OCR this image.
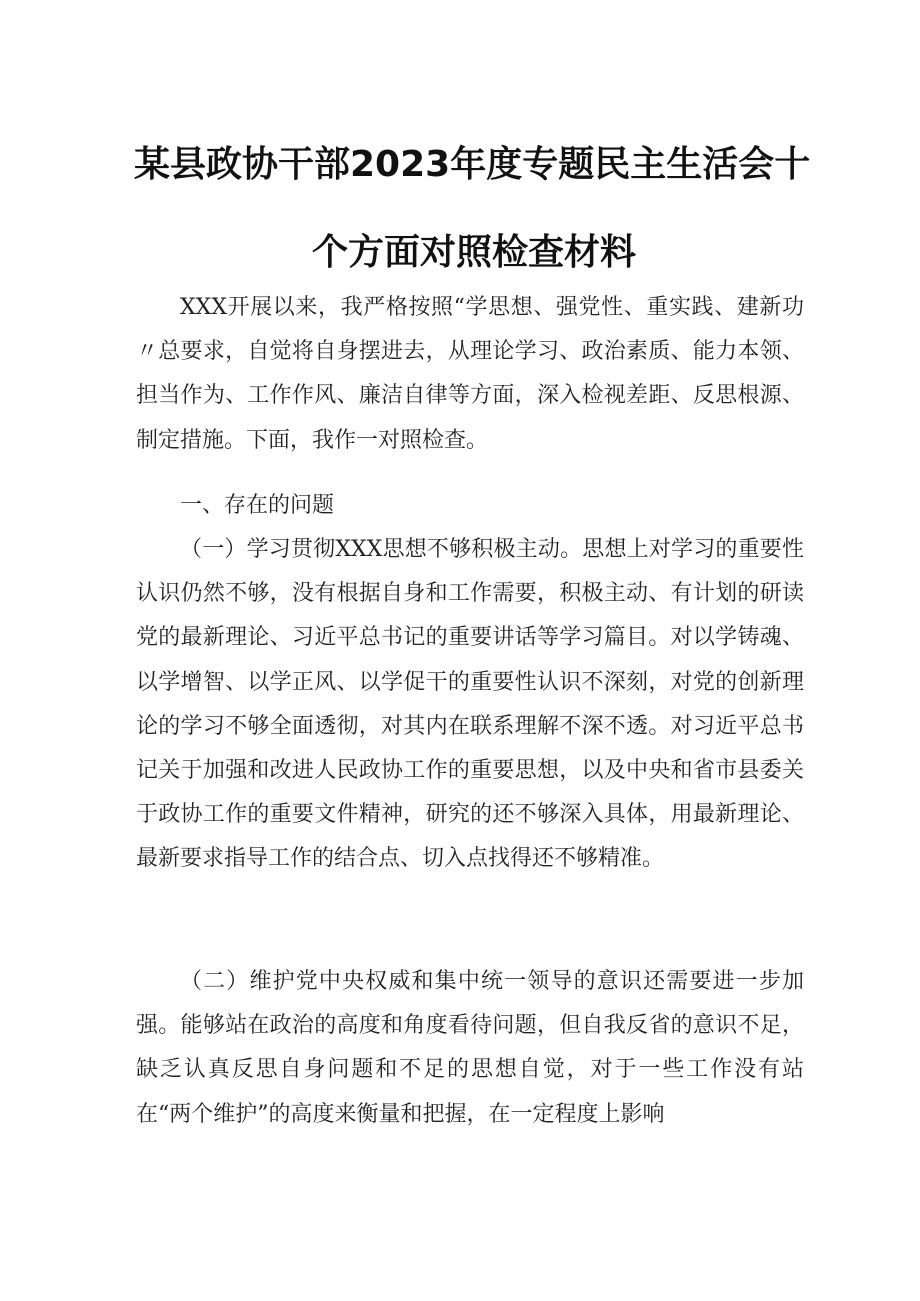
某县政协干部2023年度专题民主生活会十
个方面对照检查材料

XXX开展以来，我严格按照“学思想、强党性、重实践、建新功〃总要求，自觉将自身摆进去，从理论学习、政治素质、能力本领、担当作为、工作作风、廉洁自律等方面，深入检视差距、反思根源、制定措施。下面，我作一对照检查。

一、存在的问题

（一）学习贯彻XXX思想不够积极主动。思想上对学习的重要性认识仍然不够，没有根据自身和工作需要，积极主动、有计划的研读党的最新理论、习近平总书记的重要讲话等学习篇目。对以学铸魂、以学增智、以学正风、以学促干的重要性认识不深刻，对党的创新理论的学习不够全面透彻，对其内在联系理解不深不透。对习近平总书记关于加强和改进人民政协工作的重要思想，以及中央和省市县委关于政协工作的重要文件精神，研究的还不够深入具体，用最新理论、最新要求指导工作的结合点、切入点找得还不够精准。

（二）维护党中央权威和集中统一领导的意识还需要进一步加强。能够站在政治的高度和角度看待问题，但自我反省的意识不足，缺乏认真反思自身问题和不足的思想自觉，对于一些工作没有站在“两个维护”的高度来衡量和把握，在一定程度上影响
